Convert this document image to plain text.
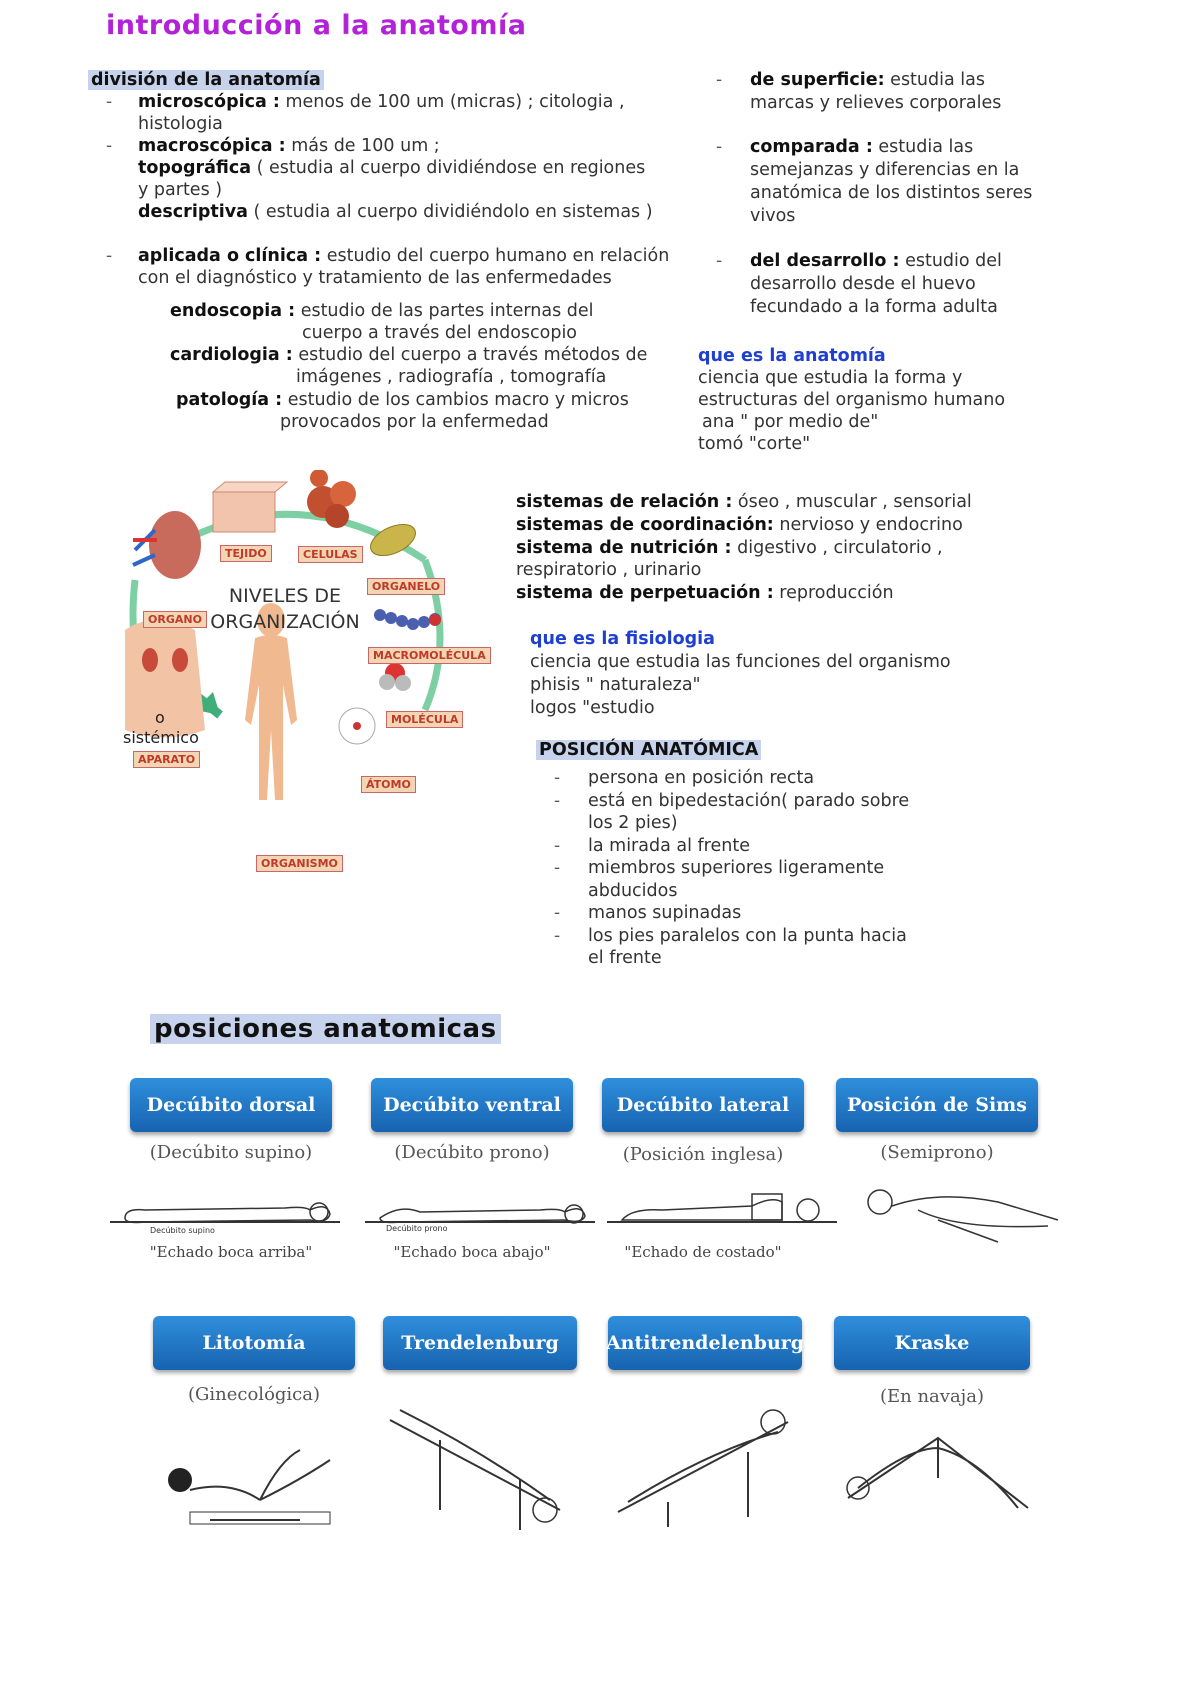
introducción a la anatomía
división de la anatomía
- microscópica : menos de 100 um (micras) ; citologia ,
histologia
- macroscópica : más de 100 um ;
topográfica ( estudia al cuerpo dividiéndose en regiones
y partes )
descriptiva ( estudia al cuerpo dividiéndolo en sistemas )
- aplicada o clínica : estudio del cuerpo humano en relación
con el diagnóstico y tratamiento de las enfermedades
endoscopia : estudio de las partes internas del
cuerpo a través del endoscopio
cardiologia : estudio del cuerpo a través métodos de
imágenes , radiografía , tomografía
patología : estudio de los cambios macro y micros
provocados por la enfermedad
- de superficie: estudia las
marcas y relieves corporales
- comparada : estudia las
semejanzas y diferencias en la
anatómica de los distintos seres
vivos
- del desarrollo : estudio del
desarrollo desde el huevo
fecundado a la forma adulta
que es la anatomía
ciencia que estudia la forma y
estructuras del organismo humano
ana " por medio de"
tomó "corte"
TEJIDO	CELULAS
ORGANELO
ORGANO
MACROMOLÉCULA
MOLÉCULA
ÁTOMO
APARATO
ORGANISMO
NIVELES DE
ORGANIZACIÓN
o
sistémico
sistemas de relación : óseo , muscular , sensorial
sistemas de coordinación: nervioso y endocrino
sistema de nutrición : digestivo , circulatorio ,
respiratorio , urinario
sistema de perpetuación : reproducción
que es la fisiologia
ciencia que estudia las funciones del organismo
phisis " naturaleza"
logos "estudio
POSICIÓN ANATÓMICA
- persona en posición recta
- está en bipedestación( parado sobre
los 2 pies)
- la mirada al frente
- miembros superiores ligeramente
abducidos
- manos supinadas
- los pies paralelos con la punta hacia
el frente
posiciones anatomicas
Decúbito dorsal	Decúbito ventral	Decúbito lateral	Posición de Sims
(Decúbito supino)	(Decúbito prono)	(Posición inglesa)	(Semiprono)
Decúbito supino	Decúbito prono
"Echado boca arriba"	"Echado boca abajo"	"Echado de costado"
Litotomía	Trendelenburg	Antitrendelenburg	Kraske
(Ginecológica)	(En navaja)
